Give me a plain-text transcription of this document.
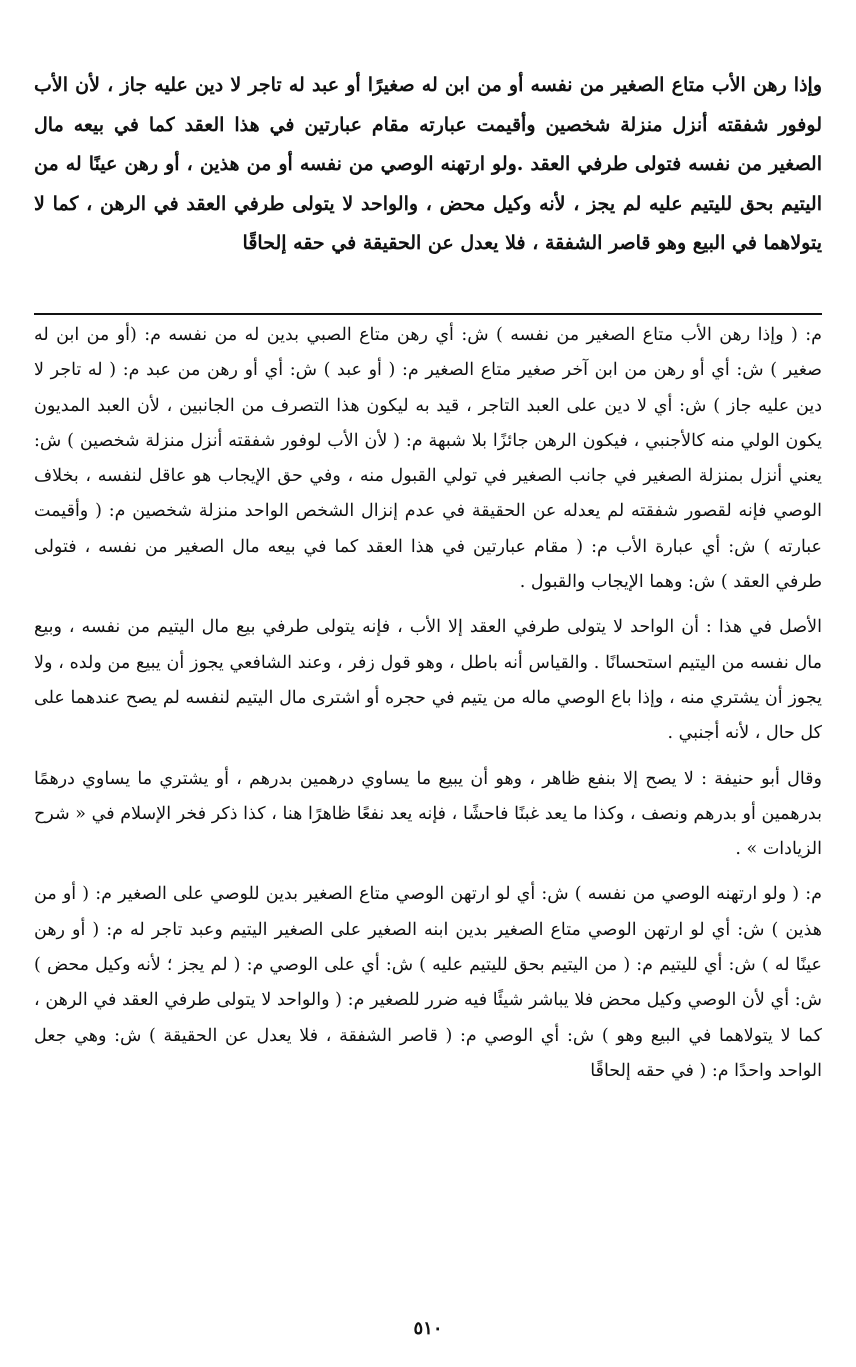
وإذا رهن الأب متاع الصغير من نفسه أو من ابن له صغيرًا أو عبد له تاجر لا دين عليه جاز ، لأن الأب لوفور شفقته أنزل منزلة شخصين وأقيمت عبارته مقام عبارتين في هذا العقد كما في بيعه مال الصغير من نفسه فتولى طرفي العقد .ولو ارتهنه الوصي من نفسه أو من هذين ، أو رهن عينًا له من اليتيم بحق لليتيم عليه لم يجز ، لأنه وكيل محض ، والواحد لا يتولى طرفي العقد في الرهن ، كما لا يتولاهما في البيع وهو قاصر الشفقة ، فلا يعدل عن الحقيقة في حقه إلحاقًا

م: ( وإذا رهن الأب متاع الصغير من نفسه ) ش: أي رهن متاع الصبي بدين له من نفسه م: (أو من ابن له صغير ) ش: أي أو رهن من ابن آخر صغير متاع الصغير م: ( أو عبد ) ش: أي أو رهن من عبد م: ( له تاجر لا دين عليه جاز ) ش: أي لا دين على العبد التاجر ، قيد به ليكون هذا التصرف من الجانبين ، لأن العبد المديون يكون الولي منه كالأجنبي ، فيكون الرهن جائزًا بلا شبهة م: ( لأن الأب لوفور شفقته أنزل منزلة شخصين ) ش: يعني أنزل بمنزلة الصغير في جانب الصغير في تولي القبول منه ، وفي حق الإيجاب هو عاقل لنفسه ، بخلاف الوصي فإنه لقصور شفقته لم يعدله عن الحقيقة في عدم إنزال الشخص الواحد منزلة شخصين م: ( وأقيمت عبارته ) ش: أي عبارة الأب م: ( مقام عبارتين في هذا العقد كما في بيعه مال الصغير من نفسه ، فتولى طرفي العقد ) ش: وهما الإيجاب والقبول .

الأصل في هذا : أن الواحد لا يتولى طرفي العقد إلا الأب ، فإنه يتولى طرفي بيع مال اليتيم من نفسه ، وبيع مال نفسه من اليتيم استحسانًا . والقياس أنه باطل ، وهو قول زفر ، وعند الشافعي يجوز أن يبيع من ولده ، ولا يجوز أن يشتري منه ، وإذا باع الوصي ماله من يتيم في حجره أو اشترى مال اليتيم لنفسه لم يصح عندهما على كل حال ، لأنه أجنبي .

وقال أبو حنيفة : لا يصح إلا بنفع ظاهر ، وهو أن يبيع ما يساوي درهمين بدرهم ، أو يشتري ما يساوي درهمًا بدرهمين أو بدرهم ونصف ، وكذا ما يعد غبنًا فاحشًا ، فإنه يعد نفعًا ظاهرًا هنا ، كذا ذكر فخر الإسلام في « شرح الزيادات » .

م: ( ولو ارتهنه الوصي من نفسه ) ش: أي لو ارتهن الوصي متاع الصغير بدين للوصي على الصغير م: ( أو من هذين ) ش: أي لو ارتهن الوصي متاع الصغير بدين ابنه الصغير على الصغير اليتيم وعبد تاجر له م: ( أو رهن عينًا له ) ش: أي لليتيم م: ( من اليتيم بحق لليتيم عليه ) ش: أي على الوصي م: ( لم يجز ؛ لأنه وكيل محض ) ش: أي لأن الوصي وكيل محض فلا يباشر شيئًا فيه ضرر للصغير م: ( والواحد لا يتولى طرفي العقد في الرهن ، كما لا يتولاهما في البيع وهو ) ش: أي الوصي م: ( قاصر الشفقة ، فلا يعدل عن الحقيقة ) ش: وهي جعل الواحد واحدًا م: ( في حقه إلحاقًا

٥١٠
